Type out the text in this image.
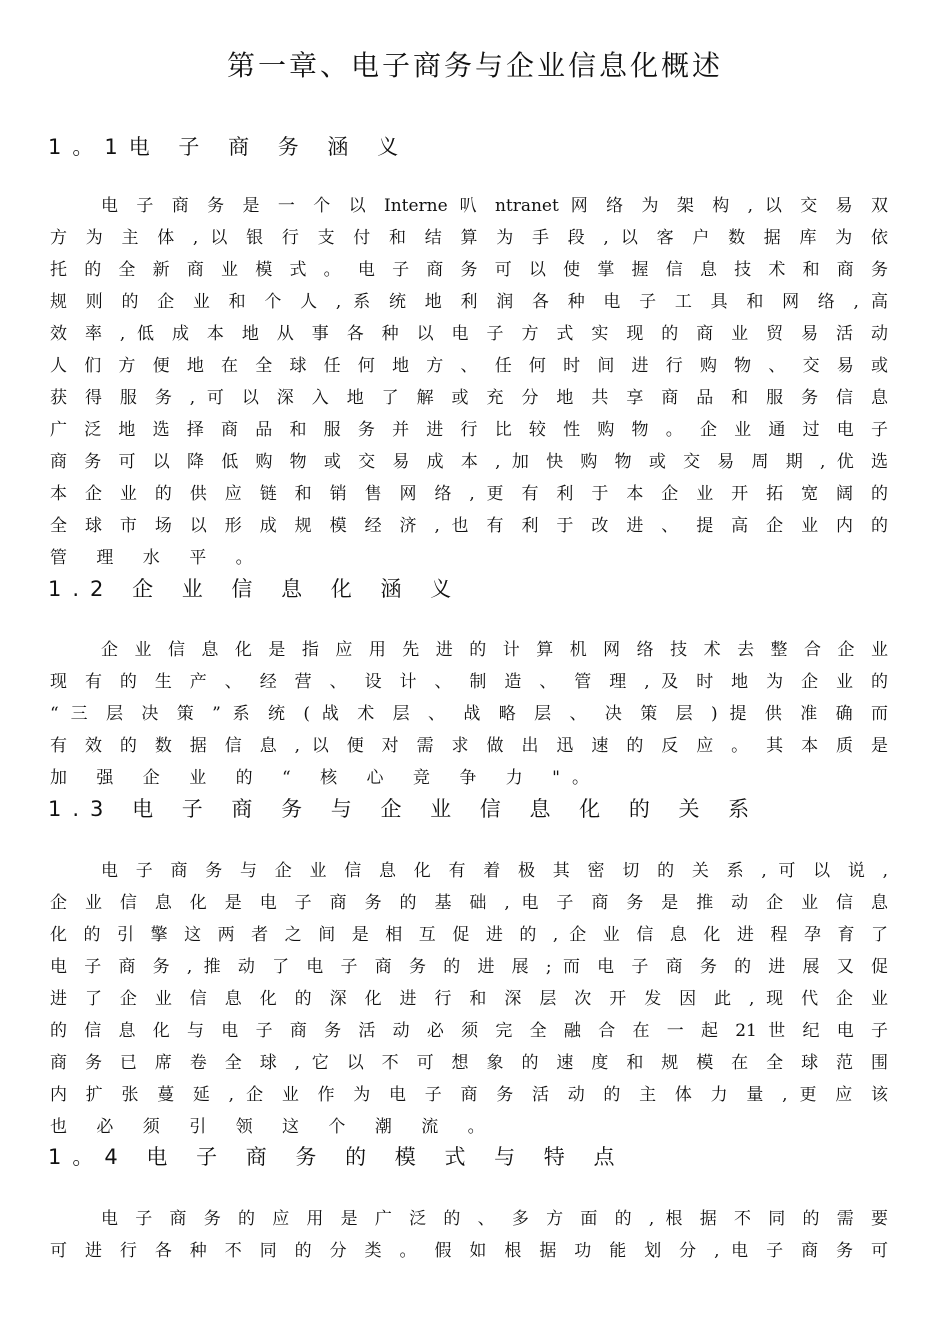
第一章、电子商务与企业信息化概述
1。1电 子 商 务 涵 义
电 子 商 务 是 一 个 以 Interne 叭 ntranet 网 络 为 架 构 , 以 交 易 双
方 为 主 体 , 以 银 行 支 付 和 结 算 为 手 段 , 以 客 户 数 据 库 为 依
托 的 全 新 商 业 模 式 。 电 子 商 务 可 以 使 掌 握 信 息 技 术 和 商 务
规 则 的 企 业 和 个 人 , 系 统 地 利 润 各 种 电 子 工 具 和 网 络 , 高
效 率 , 低 成 本 地 从 事 各 种 以 电 子 方 式 实 现 的 商 业 贸 易 活 动
人 们 方 便 地 在 全 球 任 何 地 方 、 任 何 时 间 进 行 购 物 、 交 易 或
获 得 服 务 , 可 以 深 入 地 了 解 或 充 分 地 共 享 商 品 和 服 务 信 息
广 泛 地 选 择 商 品 和 服 务 并 进 行 比 较 性 购 物 。 企 业 通 过 电 子
商 务 可 以 降 低 购 物 或 交 易 成 本 , 加 快 购 物 或 交 易 周 期 , 优 选
本 企 业 的 供 应 链 和 销 售 网 络 , 更 有 利 于 本 企 业 开 拓 宽 阔 的
全 球 市 场 以 形 成 规 模 经 济 , 也 有 利 于 改 进 、 提 高 企 业 内 的
管 理 水 平 。
1.2 企 业 信 息 化 涵 义
企 业 信 息 化 是 指 应 用 先 进 的 计 算 机 网 络 技 术 去 整 合 企 业
现 有 的 生 产 、 经 营 、 设 计 、 制 造 、 管 理 , 及 时 地 为 企 业 的
“ 三 层 决 策 ” 系 统 ( 战 术 层 、 战 略 层 、 决 策 层 ) 提 供 准 确 而
有 效 的 数 据 信 息 , 以 便 对 需 求 做 出 迅 速 的 反 应 。 其 本 质 是
加 强 企 业 的 “ 核 心 竞 争 力 "。
1.3 电 子 商 务 与 企 业 信 息 化 的 关 系
电 子 商 务 与 企 业 信 息 化 有 着 极 其 密 切 的 关 系 , 可 以 说 ,
企 业 信 息 化 是 电 子 商 务 的 基 础 , 电 子 商 务 是 推 动 企 业 信 息
化 的 引 擎 这 两 者 之 间 是 相 互 促 进 的 , 企 业 信 息 化 进 程 孕 育 了
电 子 商 务 , 推 动 了 电 子 商 务 的 进 展 ; 而 电 子 商 务 的 进 展 又 促
进 了 企 业 信 息 化 的 深 化 进 行 和 深 层 次 开 发 因 此 , 现 代 企 业
的 信 息 化 与 电 子 商 务 活 动 必 须 完 全 融 合 在 一 起 21 世 纪 电 子
商 务 已 席 卷 全 球 , 它 以 不 可 想 象 的 速 度 和 规 模 在 全 球 范 围
内 扩 张 蔓 延 , 企 业 作 为 电 子 商 务 活 动 的 主 体 力 量 , 更 应 该
也 必 须 引 领 这 个 潮 流 。
1。4 电 子 商 务 的 模 式 与 特 点
电 子 商 务 的 应 用 是 广 泛 的 、 多 方 面 的 , 根 据 不 同 的 需 要
可 进 行 各 种 不 同 的 分 类 。 假 如 根 据 功 能 划 分 , 电 子 商 务 可
